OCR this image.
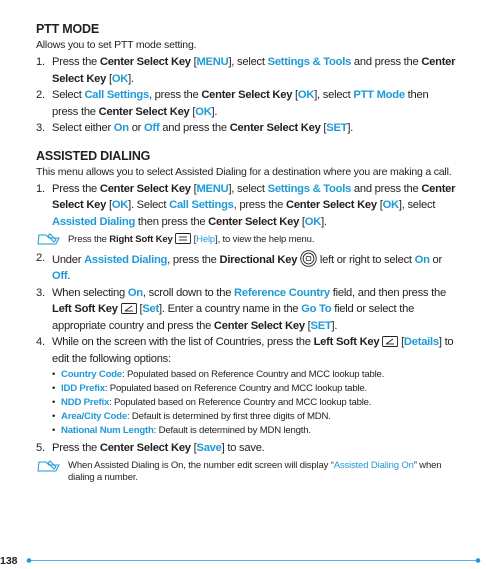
PTT MODE
Allows you to set PTT mode setting.
1. Press the Center Select Key [MENU], select Settings & Tools and press the Center Select Key [OK].
2. Select Call Settings, press the Center Select Key [OK], select PTT Mode then press the Center Select Key [OK].
3. Select either On or Off and press the Center Select Key [SET].
ASSISTED DIALING
This menu allows you to select Assisted Dialing for a destination where you are making a call.
1. Press the Center Select Key [MENU], select Settings & Tools and press the Center Select Key [OK]. Select Call Settings, press the Center Select Key [OK], select Assisted Dialing then press the Center Select Key [OK].
Press the Right Soft Key  [Help], to view the help menu.
2. Under Assisted Dialing, press the Directional Key  left or right to select On or Off.
3. When selecting On, scroll down to the Reference Country field, and then press the Left Soft Key  [Set]. Enter a country name in the Go To field or select the appropriate country and press the Center Select Key [SET].
4. While on the screen with the list of Countries, press the Left Soft Key  [Details] to edit the following options:
• Country Code: Populated based on Reference Country and MCC lookup table.
• IDD Prefix: Populated based on Reference Country and MCC lookup table.
• NDD Prefix: Populated based on Reference Country and MCC lookup table.
• Area/City Code: Default is determined by first three digits of MDN.
• National Num Length: Default is determined by MDN length.
5. Press the Center Select Key [Save] to save.
When Assisted Dialing is On, the number edit screen will display “Assisted Dialing On” when dialing a number.
138
